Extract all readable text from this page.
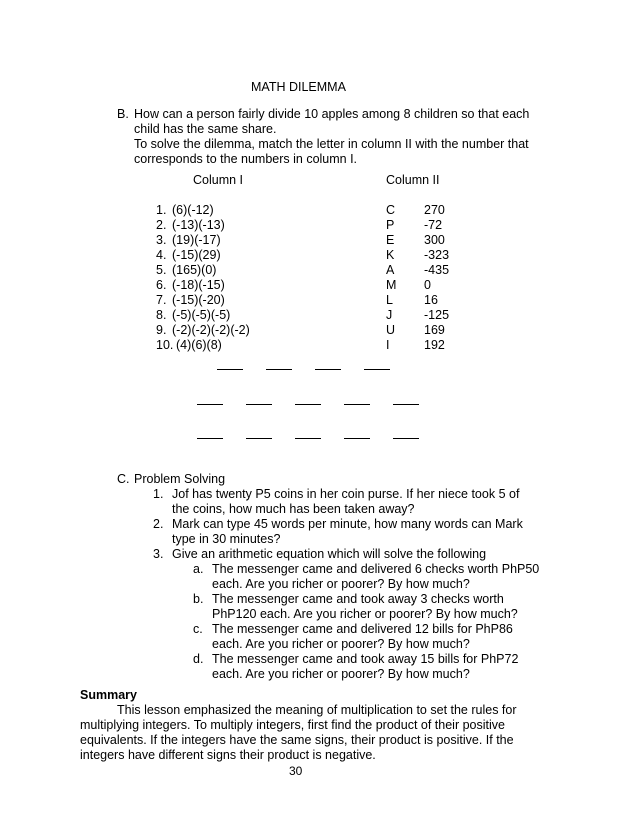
MATH DILEMMA
B. How can a person fairly divide 10 apples among 8 children so that each
child has the same share.
To solve the dilemma, match the letter in column II with the number that
corresponds to the numbers in column I.
Column I	Column II
1. (6)(-12)	C 270
2. (-13)(-13)	P -72
3. (19)(-17)	E 300
4. (-15)(29)	K -323
5. (165)(0)	A -435
6. (-18)(-15)	M 0
7. (-15)(-20)	L 16
8. (-5)(-5)(-5)	J	-125
9. (-2)(-2)(-2)(-2)	U 169
10. (4)(6)(8)	I	192
C. Problem Solving
1. Jof has twenty P5 coins in her coin purse. If her niece took 5 of
the coins, how much has been taken away?
2. Mark can type 45 words per minute, how many words can Mark
type in 30 minutes?
3. Give an arithmetic equation which will solve the following
a. The messenger came and delivered 6 checks worth PhP50
each. Are you richer or poorer? By how much?
b. The messenger came and took away 3 checks worth
PhP120 each. Are you richer or poorer? By how much?
c. The messenger came and delivered 12 bills for PhP86
each. Are you richer or poorer? By how much?
d. The messenger came and took away 15 bills for PhP72
each. Are you richer or poorer? By how much?
Summary
This lesson emphasized the meaning of multiplication to set the rules for
multiplying integers. To multiply integers, first find the product of their positive
equivalents. If the integers have the same signs, their product is positive. If the
integers have different signs their product is negative.
30
